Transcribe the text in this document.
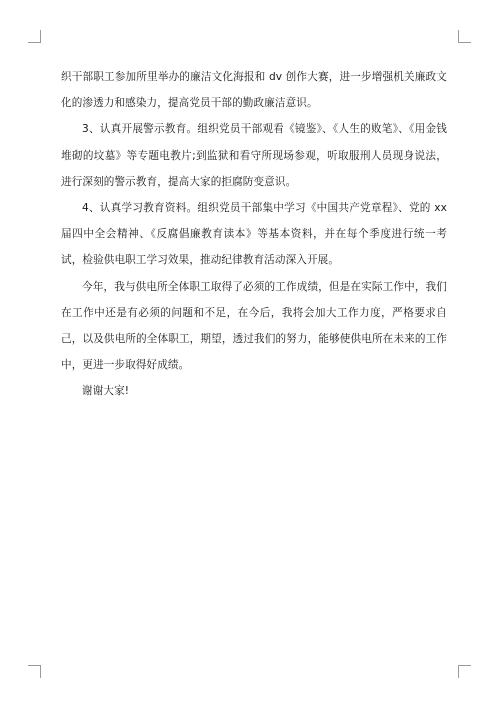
织干部职工参加所里举办的廉洁文化海报和 dv 创作大赛，进一步增强机关廉政文化的渗透力和感染力，提高党员干部的勤政廉洁意识。

3、认真开展警示教育。组织党员干部观看《镜鉴》、《人生的败笔》、《用金钱堆砌的坟墓》等专题电教片;到监狱和看守所现场参观，听取服刑人员现身说法，进行深刻的警示教育，提高大家的拒腐防变意识。

4、认真学习教育资料。组织党员干部集中学习《中国共产党章程》、党的 xx 届四中全会精神、《反腐倡廉教育读本》等基本资料，并在每个季度进行统一考试，检验供电职工学习效果，推动纪律教育活动深入开展。

今年，我与供电所全体职工取得了必须的工作成绩，但是在实际工作中，我们在工作中还是有必须的问题和不足，在今后，我将会加大工作力度，严格要求自己，以及供电所的全体职工，期望，透过我们的努力，能够使供电所在未来的工作中，更进一步取得好成绩。

谢谢大家!
